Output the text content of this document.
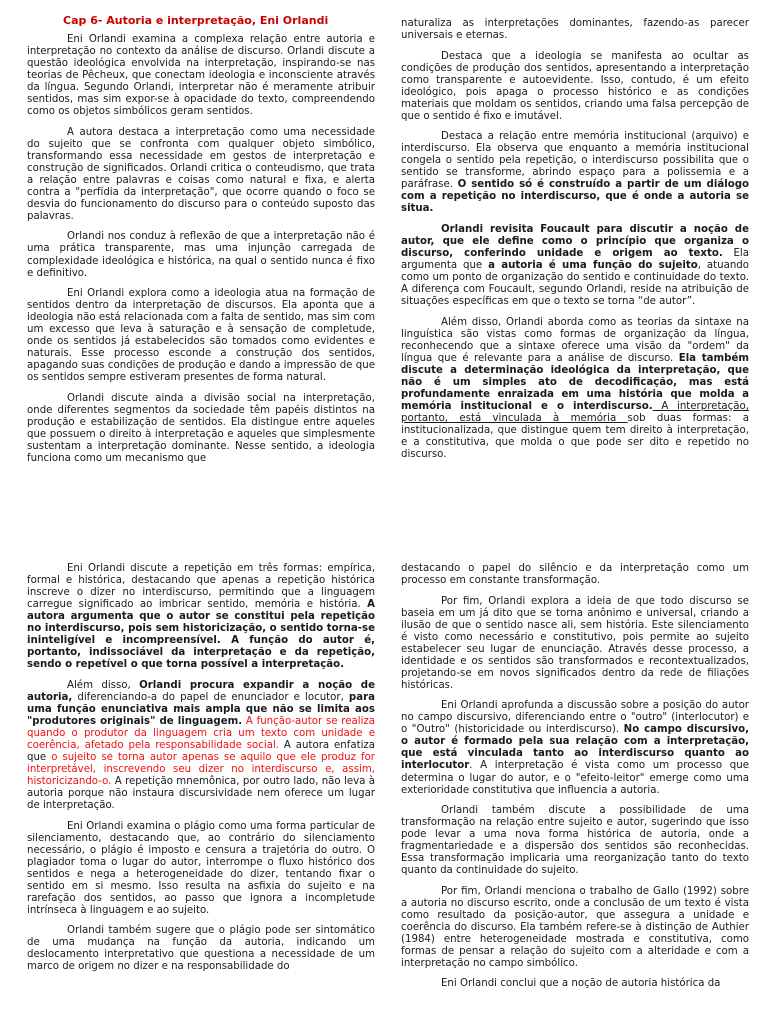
Cap 6- Autoria e interpretação, Eni Orlandi

Eni Orlandi examina a complexa relação entre autoria e interpretação no contexto da análise de discurso. Orlandi discute a questão ideológica envolvida na interpretação, inspirando-se nas teorias de Pêcheux, que conectam ideologia e inconsciente através da língua. Segundo Orlandi, interpretar não é meramente atribuir sentidos, mas sim expor-se à opacidade do texto, compreendendo como os objetos simbólicos geram sentidos.

A autora destaca a interpretação como uma necessidade do sujeito que se confronta com qualquer objeto simbólico, transformando essa necessidade em gestos de interpretação e construção de significados. Orlandi critica o conteudismo, que trata a relação entre palavras e coisas como natural e fixa, e alerta contra a "perfídia da interpretação", que ocorre quando o foco se desvia do funcionamento do discurso para o conteúdo suposto das palavras.

Orlandi nos conduz à reflexão de que a interpretação não é uma prática transparente, mas uma injunção carregada de complexidade ideológica e histórica, na qual o sentido nunca é fixo e definitivo.

Eni Orlandi explora como a ideologia atua na formação de sentidos dentro da interpretação de discursos. Ela aponta que a ideologia não está relacionada com a falta de sentido, mas sim com um excesso que leva à saturação e à sensação de completude, onde os sentidos já estabelecidos são tomados como evidentes e naturais. Esse processo esconde a construção dos sentidos, apagando suas condições de produção e dando a impressão de que os sentidos sempre estiveram presentes de forma natural.

Orlandi discute ainda a divisão social na interpretação, onde diferentes segmentos da sociedade têm papéis distintos na produção e estabilização de sentidos. Ela distingue entre aqueles que possuem o direito à interpretação e aqueles que simplesmente sustentam a interpretação dominante. Nesse sentido, a ideologia funciona como um mecanismo que

naturaliza as interpretações dominantes, fazendo-as parecer universais e eternas.

Destaca que a ideologia se manifesta ao ocultar as condições de produção dos sentidos, apresentando a interpretação como transparente e autoevidente. Isso, contudo, é um efeito ideológico, pois apaga o processo histórico e as condições materiais que moldam os sentidos, criando uma falsa percepção de que o sentido é fixo e imutável.

Destaca a relação entre memória institucional (arquivo) e interdiscurso. Ela observa que enquanto a memória institucional congela o sentido pela repetição, o interdiscurso possibilita que o sentido se transforme, abrindo espaço para a polissemia e a paráfrase. O sentido só é construído a partir de um diálogo com a repetição no interdiscurso, que é onde a autoria se situa.

Orlandi revisita Foucault para discutir a noção de autor, que ele define como o princípio que organiza o discurso, conferindo unidade e origem ao texto. Ela argumenta que a autoria é uma função do sujeito, atuando como um ponto de organização do sentido e continuidade do texto. A diferença com Foucault, segundo Orlandi, reside na atribuição de situações específicas em que o texto se torna “de autor”.

Além disso, Orlandi aborda como as teorias da sintaxe na linguística são vistas como formas de organização da língua, reconhecendo que a sintaxe oferece uma visão da "ordem" da língua que é relevante para a análise de discurso. Ela também discute a determinação ideológica da interpretação, que não é um simples ato de decodificação, mas está profundamente enraizada em uma história que molda a memória institucional e o interdiscurso. A interpretação, portanto, está vinculada à memória sob duas formas: a institucionalizada, que distingue quem tem direito à interpretação, e a constitutiva, que molda o que pode ser dito e repetido no discurso.

Eni Orlandi discute a repetição em três formas: empírica, formal e histórica, destacando que apenas a repetição histórica inscreve o dizer no interdiscurso, permitindo que a linguagem carregue significado ao imbricar sentido, memória e história. A autora argumenta que o autor se constitui pela repetição no interdiscurso, pois sem historicização, o sentido torna-se ininteligível e incompreensível. A função do autor é, portanto, indissociável da interpretação e da repetição, sendo o repetível o que torna possível a interpretação.

Além disso, Orlandi procura expandir a noção de autoria, diferenciando-a do papel de enunciador e locutor, para uma função enunciativa mais ampla que não se limita aos "produtores originais" de linguagem. A função-autor se realiza quando o produtor da linguagem cria um texto com unidade e coerência, afetado pela responsabilidade social. A autora enfatiza que o sujeito se torna autor apenas se aquilo que ele produz for interpretável, inscrevendo seu dizer no interdiscurso e, assim, historicizando-o. A repetição mnemônica, por outro lado, não leva à autoria porque não instaura discursividade nem oferece um lugar de interpretação.

Eni Orlandi examina o plágio como uma forma particular de silenciamento, destacando que, ao contrário do silenciamento necessário, o plágio é imposto e censura a trajetória do outro. O plagiador toma o lugar do autor, interrompe o fluxo histórico dos sentidos e nega a heterogeneidade do dizer, tentando fixar o sentido em si mesmo. Isso resulta na asfixia do sujeito e na rarefação dos sentidos, ao passo que ignora a incompletude intrínseca à linguagem e ao sujeito.

Orlandi também sugere que o plágio pode ser sintomático de uma mudança na função da autoria, indicando um deslocamento interpretativo que questiona a necessidade de um marco de origem no dizer e na responsabilidade do

destacando o papel do silêncio e da interpretação como um processo em constante transformação.

Por fim, Orlandi explora a ideia de que todo discurso se baseia em um já dito que se torna anônimo e universal, criando a ilusão de que o sentido nasce ali, sem história. Este silenciamento é visto como necessário e constitutivo, pois permite ao sujeito estabelecer seu lugar de enunciação. Através desse processo, a identidade e os sentidos são transformados e recontextualizados, projetando-se em novos significados dentro da rede de filiações históricas.

Eni Orlandi aprofunda a discussão sobre a posição do autor no campo discursivo, diferenciando entre o "outro" (interlocutor) e o "Outro" (historicidade ou interdiscurso). No campo discursivo, o autor é formado pela sua relação com a interpretação, que está vinculada tanto ao interdiscurso quanto ao interlocutor. A interpretação é vista como um processo que determina o lugar do autor, e o "efeito-leitor" emerge como uma exterioridade constitutiva que influencia a autoria.

Orlandi também discute a possibilidade de uma transformação na relação entre sujeito e autor, sugerindo que isso pode levar a uma nova forma histórica de autoria, onde a fragmentariedade e a dispersão dos sentidos são reconhecidas. Essa transformação implicaria uma reorganização tanto do texto quanto da continuidade do sujeito.

Por fim, Orlandi menciona o trabalho de Gallo (1992) sobre a autoria no discurso escrito, onde a conclusão de um texto é vista como resultado da posição-autor, que assegura a unidade e coerência do discurso. Ela também refere-se à distinção de Authier (1984) entre heterogeneidade mostrada e constitutiva, como formas de pensar a relação do sujeito com a alteridade e com a interpretação no campo simbólico.

Eni Orlandi conclui que a noção de autoria histórica da
